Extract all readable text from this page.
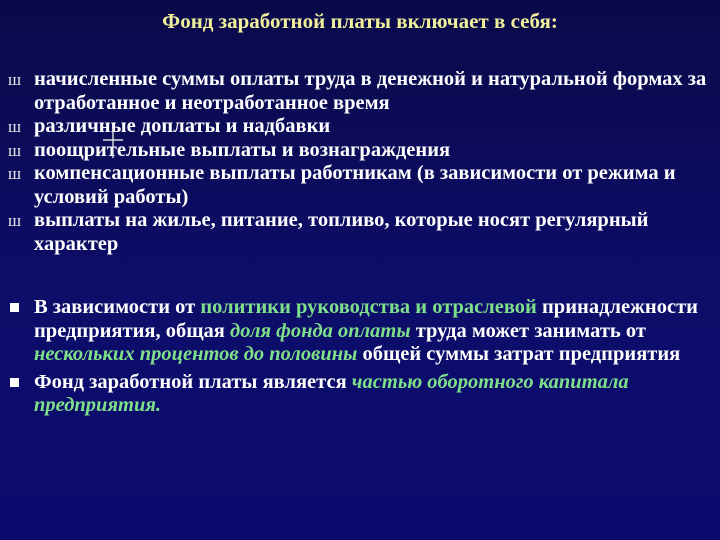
Фонд заработной платы включает в себя:
ш начисленные суммы оплаты труда в денежной и натуральной формах за отработанное и неотработанное время
ш различные доплаты и надбавки
ш поощрительные выплаты и вознаграждения
ш компенсационные выплаты работникам (в зависимости от режима и условий работы)
ш выплаты на жилье, питание, топливо, которые носят регулярный характер
В зависимости от политики руководства и отраслевой принадлежности предприятия, общая доля фонда оплаты труда может занимать от нескольких процентов до половины общей суммы затрат предприятия
Фонд заработной платы является частью оборотного капитала предприятия.
